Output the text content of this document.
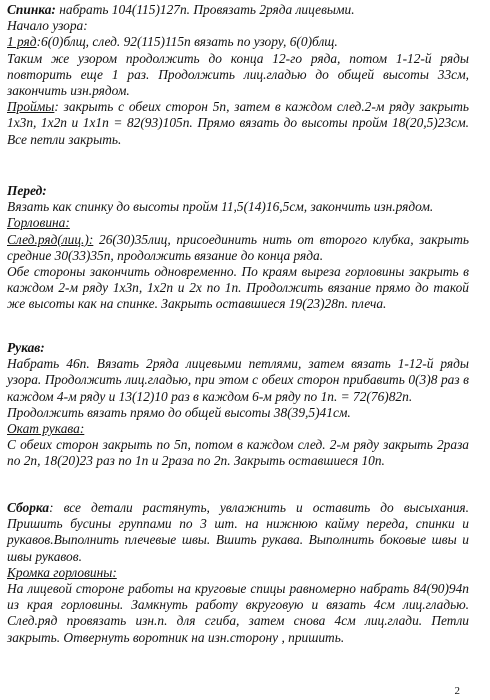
Спинка: набрать 104(115)127п. Провязать 2ряда лицевыми.

Начало узора:

1 ряд:6(0)блщ, след. 92(115)115п вязать по узору, 6(0)блщ.

Таким же узором продолжить до конца 12-го ряда, потом 1-12-й ряды повторить еще 1 раз. Продолжить лиц.гладью до общей высоты 33см, закончить изн.рядом.

Проймы: закрыть с обеих сторон 5п, затем в каждом след.2-м ряду закрыть 1х3п, 1х2п и 1х1п = 82(93)105п. Прямо вязать до высоты пройм 18(20,5)23см. Все петли закрыть.

Перед:

Вязать как спинку до высоты пройм 11,5(14)16,5см, закончить изн.рядом.

Горловина:

След.ряд(лиц.): 26(30)35лиц, присоединить нить от второго клубка, закрыть средние 30(33)35п, продолжить вязание до конца ряда.

Обе стороны закончить одновременно. По краям выреза горловины закрыть в каждом 2-м ряду 1х3п, 1х2п и 2х по 1п. Продолжить вязание прямо до такой же высоты как на спинке. Закрыть оставшиеся 19(23)28п. плеча.

Рукав:

Набрать 46п. Вязать 2ряда лицевыми петлями, затем вязать 1-12-й ряды узора. Продолжить лиц.гладью, при этом с обеих сторон прибавить 0(3)8 раз в каждом 4-м ряду и 13(12)10 раз в каждом 6-м ряду по 1п. = 72(76)82п.

Продолжить вязать прямо до общей высоты 38(39,5)41см.

Окат рукава:

С обеих сторон закрыть по 5п, потом в каждом след. 2-м ряду закрыть 2раза по 2п, 18(20)23 раз по 1п и 2раза по 2п. Закрыть оставшиеся 10п.

Сборка: все детали растянуть, увлажнить и оставить до высыхания. Пришить бусины группами по 3 шт. на нижнюю кайму переда, спинки и рукавов.Выполнить плечевые швы. Вшить рукава. Выполнить боковые швы и швы рукавов.

Кромка горловины:

На лицевой стороне работы на круговые спицы равномерно набрать 84(90)94п из края горловины. Замкнуть работу вкруговую и вязать 4см лиц.гладью. След.ряд провязать изн.п. для сгиба, затем снова 4см лиц.глади. Петли закрыть. Отвернуть воротник на изн.сторону , пришить.

2
